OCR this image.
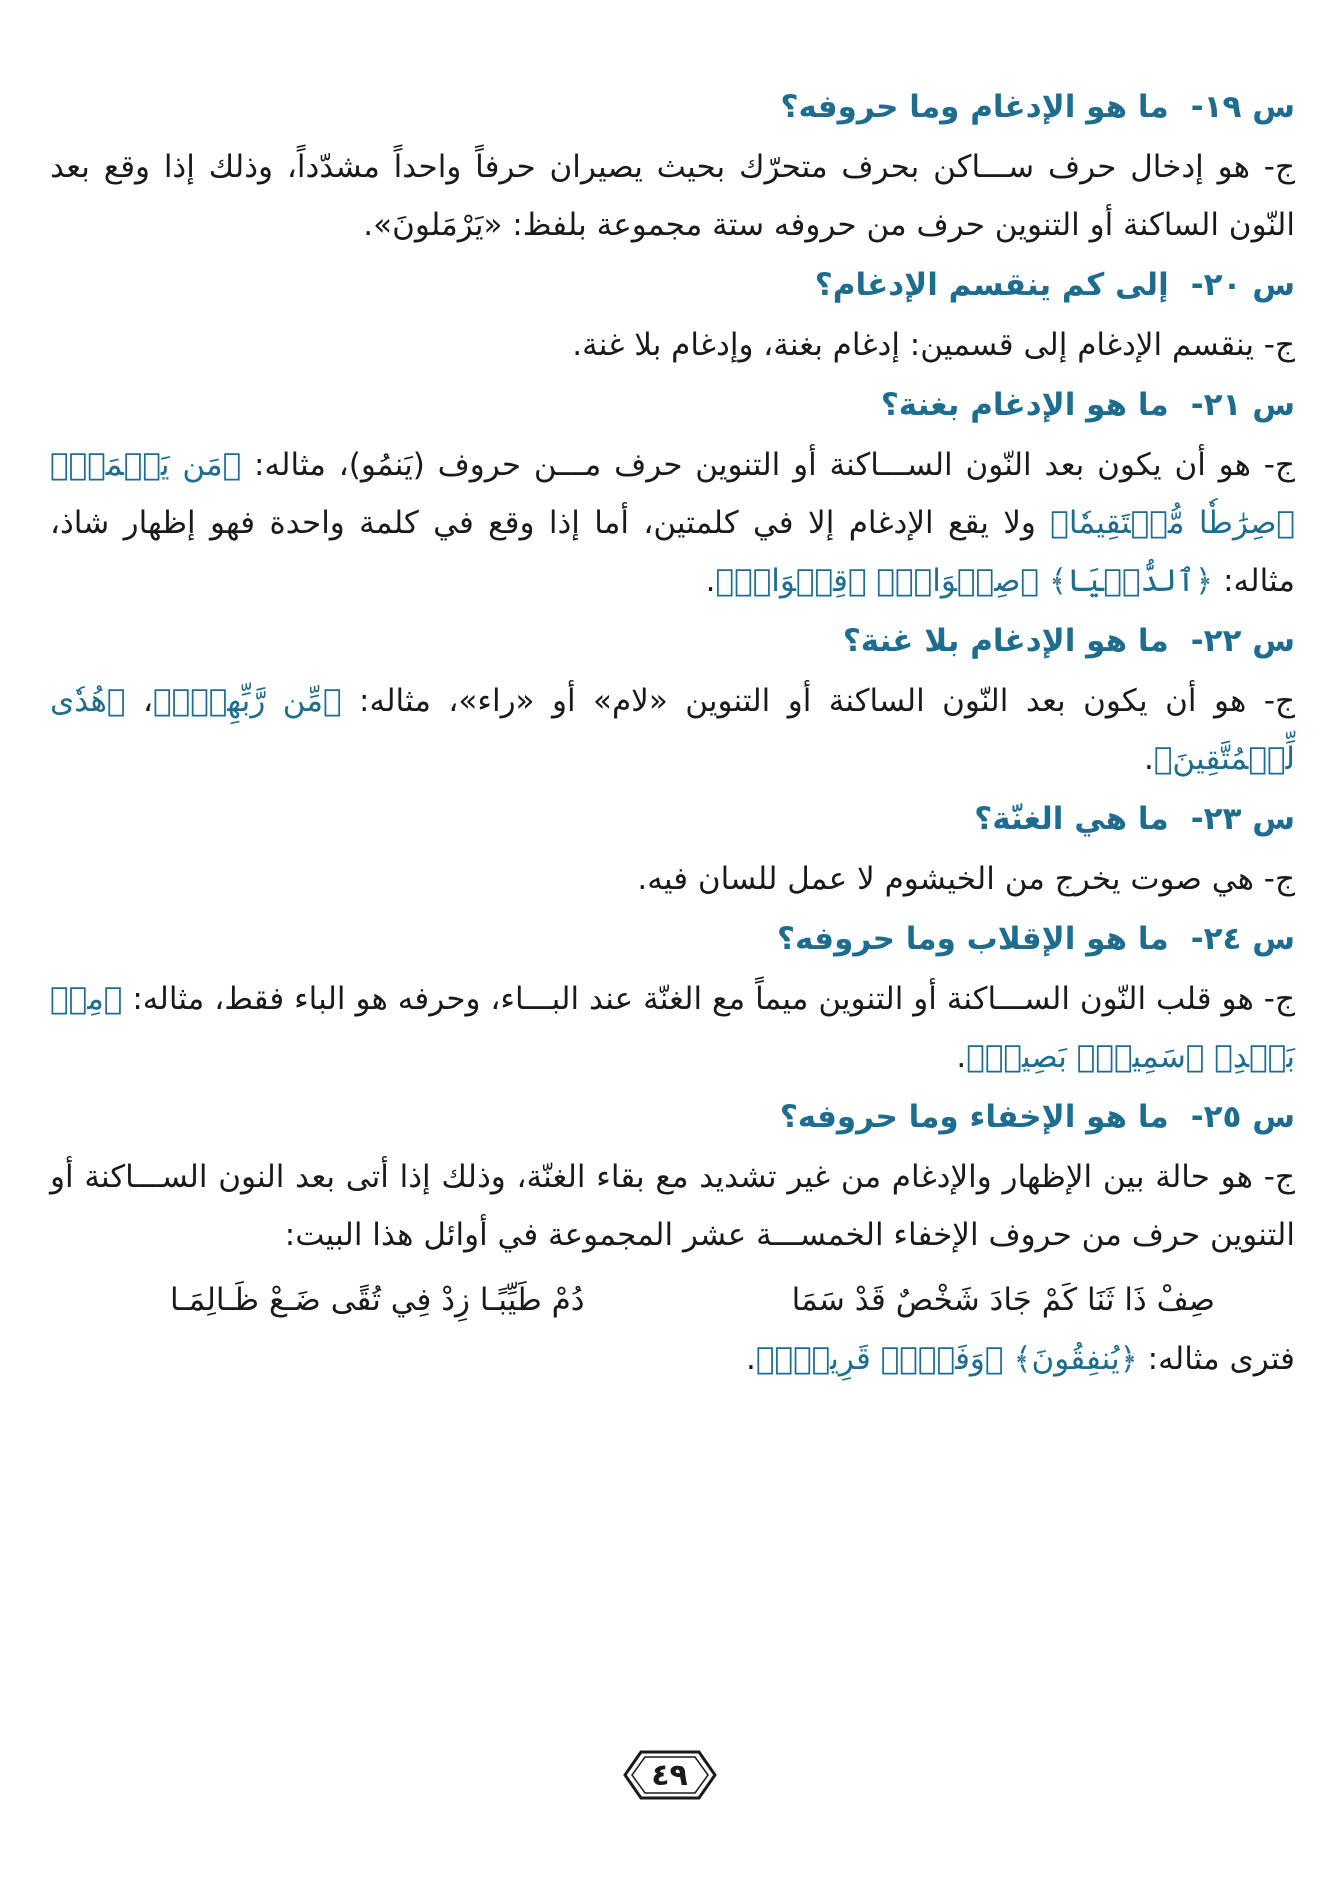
س ١٩-ما هو الإدغام وما حروفه؟
ج- هو إدخال حرف ســـاكن بحرف متحرّك بحيث يصيران حرفاً واحداً مشدّداً، وذلك إذا وقع بعد النّون الساكنة أو التنوين حرف من حروفه ستة مجموعة بلفظ: «يَرْمَلونَ».
س ٢٠-إلى كم ينقسم الإدغام؟
ج- ينقسم الإدغام إلى قسمين: إدغام بغنة، وإدغام بلا غنة.
س ٢١-ما هو الإدغام بغنة؟
ج- هو أن يكون بعد النّون الســـاكنة أو التنوين حرف مـــن حروف (يَنمُو)، مثاله: ﴿مَن يَعۡمَلۡ﴾ ﴿صِرَٰطٗا مُّسۡتَقِيمٗا﴾ ولا يقع الإدغام إلا في كلمتين، أما إذا وقع في كلمة واحدة فهو إظهار شاذ، مثاله: ﴿ٱلدُّنۡيَا﴾ ﴿صِنۡوَانٖ﴾ ﴿قِنۡوَانٞ﴾.
س ٢٢-ما هو الإدغام بلا غنة؟
ج- هو أن يكون بعد النّون الساكنة أو التنوين «لام» أو «راء»، مثاله: ﴿مِّن رَّبِّهِمۡۖ﴾، ﴿هُدٗى لِّلۡمُتَّقِينَ﴾.
س ٢٣-ما هي الغنّة؟
ج- هي صوت يخرج من الخيشوم لا عمل للسان فيه.
س ٢٤-ما هو الإقلاب وما حروفه؟
ج- هو قلب النّون الســـاكنة أو التنوين ميماً مع الغنّة عند البـــاء، وحرفه هو الباء فقط، مثاله: ﴿مِنۢ بَعۡدِ﴾ ﴿سَمِيعُۢ بَصِيرٞ﴾.
س ٢٥-ما هو الإخفاء وما حروفه؟
ج- هو حالة بين الإظهار والإدغام من غير تشديد مع بقاء الغنّة، وذلك إذا أتى بعد النون الســـاكنة أو التنوين حرف من حروف الإخفاء الخمســـة عشر المجموعة في أوائل هذا البيت:
صِفْ ذَا ثَنَا كَمْ جَادَ شَخْصٌ قَدْ سَمَا
دُمْ طَيِّبًـا زِدْ فِي تُقًى ضَـعْ ظَـالِمَـا
فترى مثاله: ﴿يُنفِقُونَ﴾ ﴿وَفَتۡحٞ قَرِيبٞۗ﴾.
٤٩
